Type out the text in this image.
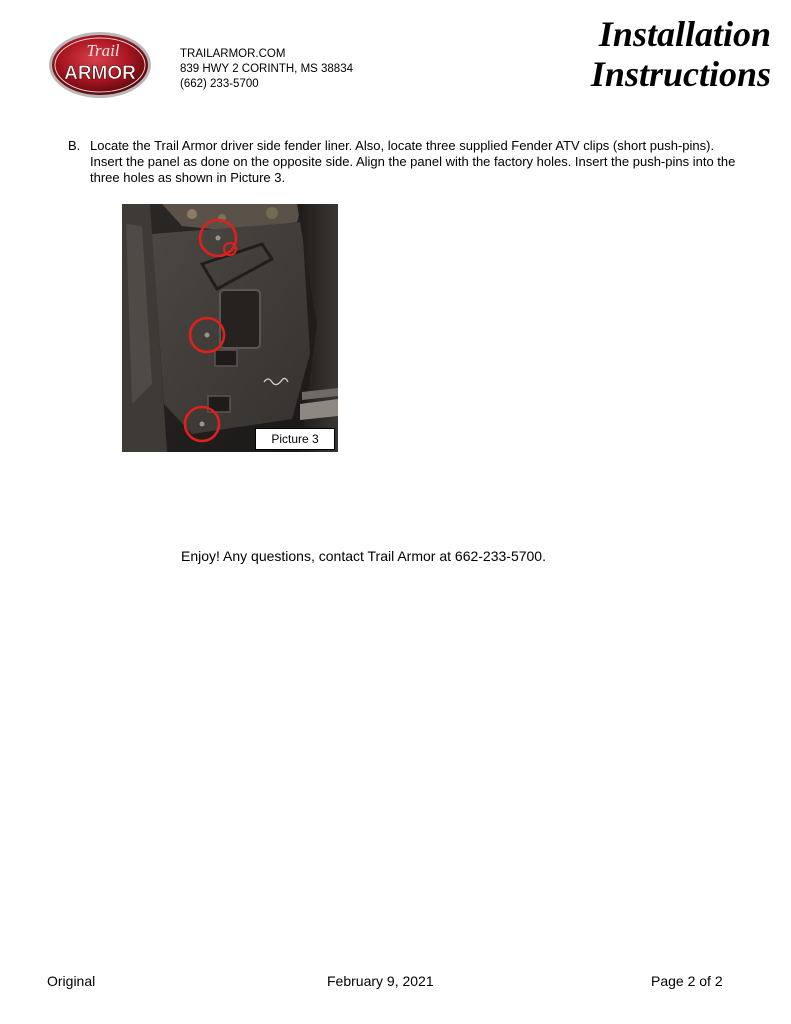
Trail
ARMOR
TRAILARMOR.COM
839 HWY 2 CORINTH, MS 38834
(662) 233-5700
Installation
Instructions
B. Locate the Trail Armor driver side fender liner. Also, locate three supplied Fender ATV clips (short push-pins). Insert the panel as done on the opposite side. Align the panel with the factory holes. Insert the push-pins into the three holes as shown in Picture 3.
Picture 3
Enjoy! Any questions, contact Trail Armor at 662-233-5700.
Original	February 9, 2021	Page 2 of 2
